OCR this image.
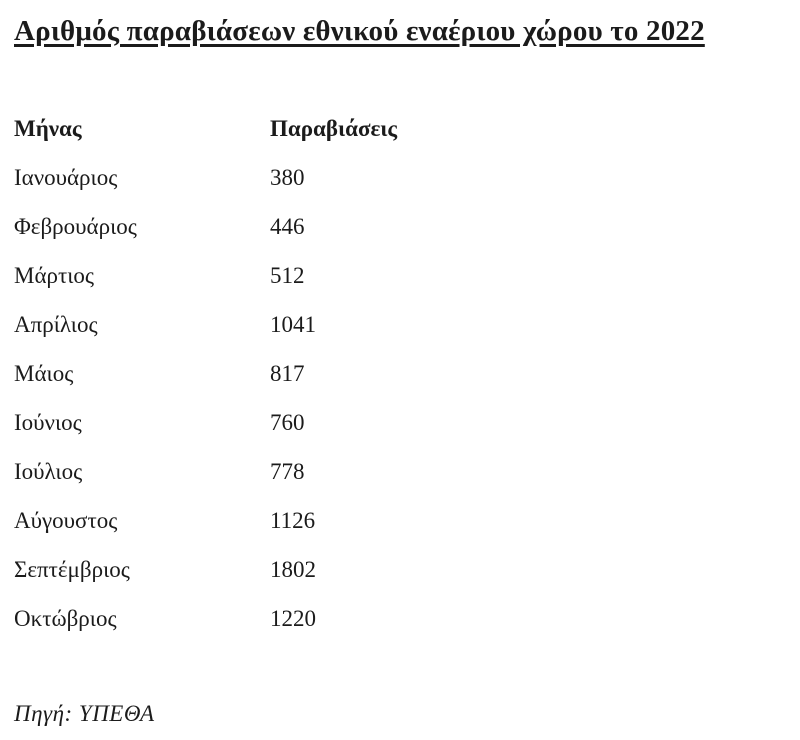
Αριθμός παραβιάσεων εθνικού εναέριου χώρου το 2022
Μήνας	Παραβιάσεις
Ιανουάριος	380
Φεβρουάριος	446
Μάρτιος	512
Απρίλιος	1041
Μάιος	817
Ιούνιος	760
Ιούλιος	778
Αύγουστος	1126
Σεπτέμβριος	1802
Οκτώβριος	1220

Πηγή: ΥΠΕΘΑ
